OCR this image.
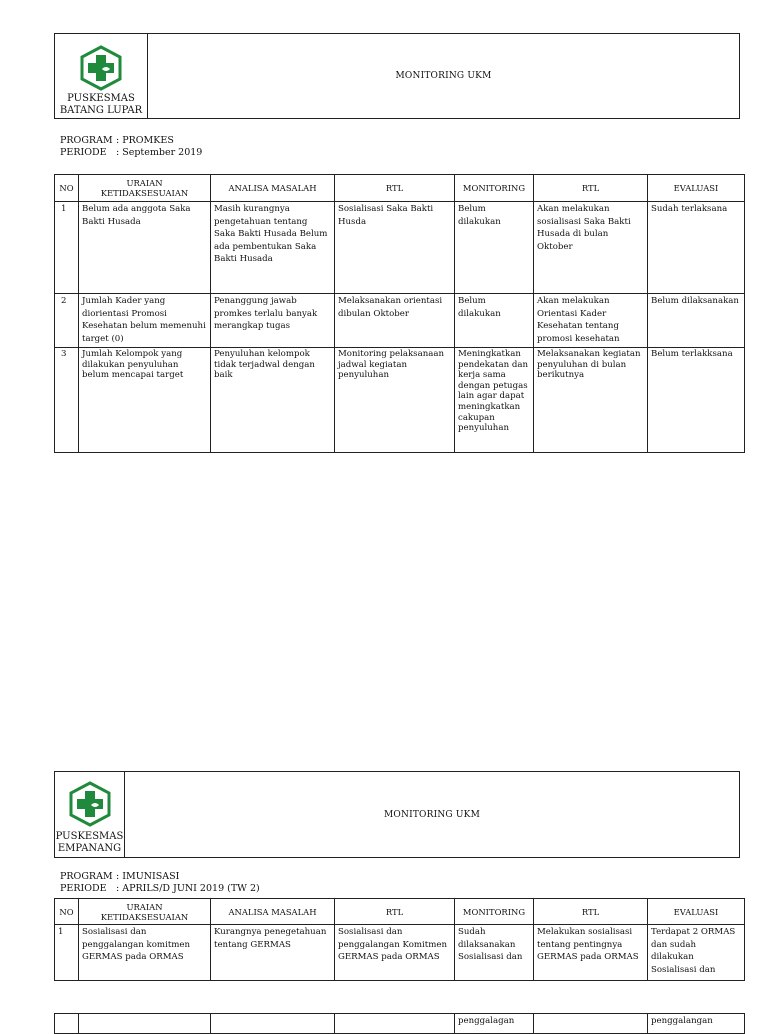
PUSKESMAS
BATANG LUPAR
MONITORING UKM
PROGRAM : PROMKES
PERIODE : September 2019
NO	URAIAN KETIDAKSESUAIAN	ANALISA MASALAH	RTL	MONITORING	RTL	EVALUASI
1	Belum ada anggota Saka Bakti Husada	Masih kurangnya pengetahuan tentang Saka Bakti Husada Belum ada pembentukan Saka Bakti Husada	Sosialisasi Saka Bakti Husda	Belum dilakukan	Akan melakukan sosialisasi Saka Bakti Husada di bulan Oktober	Sudah terlaksana
2	Jumlah Kader yang diorientasi Promosi Kesehatan belum memenuhi target (0)	Penanggung jawab promkes terlalu banyak merangkap tugas	Melaksanakan orientasi dibulan Oktober	Belum dilakukan	Akan melakukan Orientasi Kader Kesehatan tentang promosi kesehatan	Belum dilaksanakan
3	Jumlah Kelompok yang dilakukan penyuluhan belum mencapai target	Penyuluhan kelompok tidak terjadwal dengan baik	Monitoring pelaksanaan jadwal kegiatan penyuluhan	Meningkatkan pendekatan dan kerja sama dengan petugas lain agar dapat meningkatkan cakupan penyuluhan	Melaksanakan kegiatan penyuluhan di bulan berikutnya	Belum terlakksana
PUSKESMAS
EMPANANG
MONITORING UKM
PROGRAM : IMUNISASI
PERIODE : APRILS/D JUNI 2019 (TW 2)
NO	URAIAN KETIDAKSESUAIAN	ANALISA MASALAH	RTL	MONITORING	RTL	EVALUASI
1	Sosialisasi dan penggalangan komitmen GERMAS pada ORMAS	Kurangnya penegetahuan tentang GERMAS	Sosialisasi dan penggalangan Komitmen GERMAS pada ORMAS	Sudah dilaksanakan Sosialisasi dan	Melakukan sosialisasi tentang pentingnya GERMAS pada ORMAS	Terdapat 2 ORMAS dan sudah dilakukan Sosialisasi dan
				penggalagan		penggalangan
